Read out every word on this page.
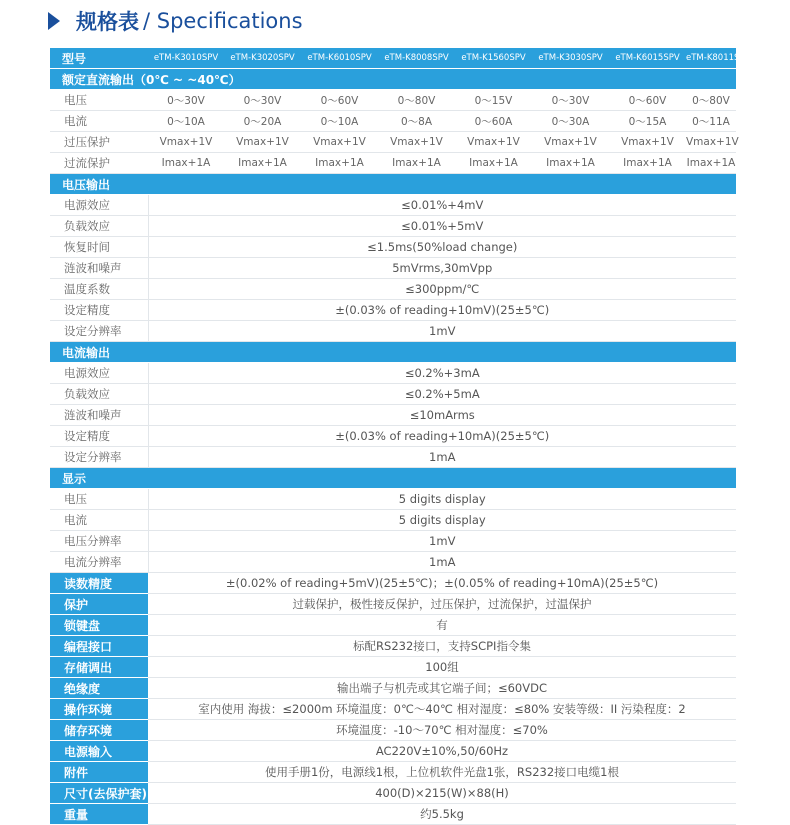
规格表 / Specifications
型号	eTM-K3010SPV	eTM-K3020SPV	eTM-K6010SPV	eTM-K8008SPV	eTM-K1560SPV	eTM-K3030SPV	eTM-K6015SPV	eTM-K8011SPV
额定直流输出（0℃ ~ ~40℃）								
电压	0～30V	0～30V	0～60V	0～80V	0～15V	0～30V	0～60V	0～80V
电流	0～10A	0～20A	0～10A	0～8A	0～60A	0～30A	0～15A	0～11A
过压保护	Vmax+1V	Vmax+1V	Vmax+1V	Vmax+1V	Vmax+1V	Vmax+1V	Vmax+1V	Vmax+1V
过流保护	Imax+1A	Imax+1A	Imax+1A	Imax+1A	Imax+1A	Imax+1A	Imax+1A	Imax+1A
电压输出								
电源效应	≤0.01%+4mV							
负载效应	≤0.01%+5mV							
恢复时间	≤1.5ms(50%load change)							
涟波和噪声	5mVrms,30mVpp							
温度系数	≤300ppm/℃							
设定精度	±(0.03% of reading+10mV)(25±5℃)							
设定分辨率	1mV							
电流输出								
电源效应	≤0.2%+3mA							
负载效应	≤0.2%+5mA							
涟波和噪声	≤10mArms							
设定精度	±(0.03% of reading+10mA)(25±5℃)							
设定分辨率	1mA							
显示								
电压	5 digits display							
电流	5 digits display							
电压分辨率	1mV							
电流分辨率	1mA							
读数精度	±(0.02% of reading+5mV)(25±5℃)；±(0.05% of reading+10mA)(25±5℃)							
保护	过载保护，极性接反保护，过压保护，过流保护，过温保护							
锁键盘	有							
编程接口	标配RS232接口，支持SCPI指令集							
存储调出	100组							
绝缘度	输出端子与机壳或其它端子间；≤60VDC							
操作环境	室内使用 海拔：≤2000m 环境温度：0℃～40℃ 相对湿度：≤80% 安装等级：II 污染程度：2							
储存环境	环境温度：-10～70℃ 相对湿度：≤70%							
电源输入	AC220V±10%,50/60Hz							
附件	使用手册1份，电源线1根，上位机软件光盘1张，RS232接口电缆1根							
尺寸(去保护套)	400(D)×215(W)×88(H)							
重量	约5.5kg							
